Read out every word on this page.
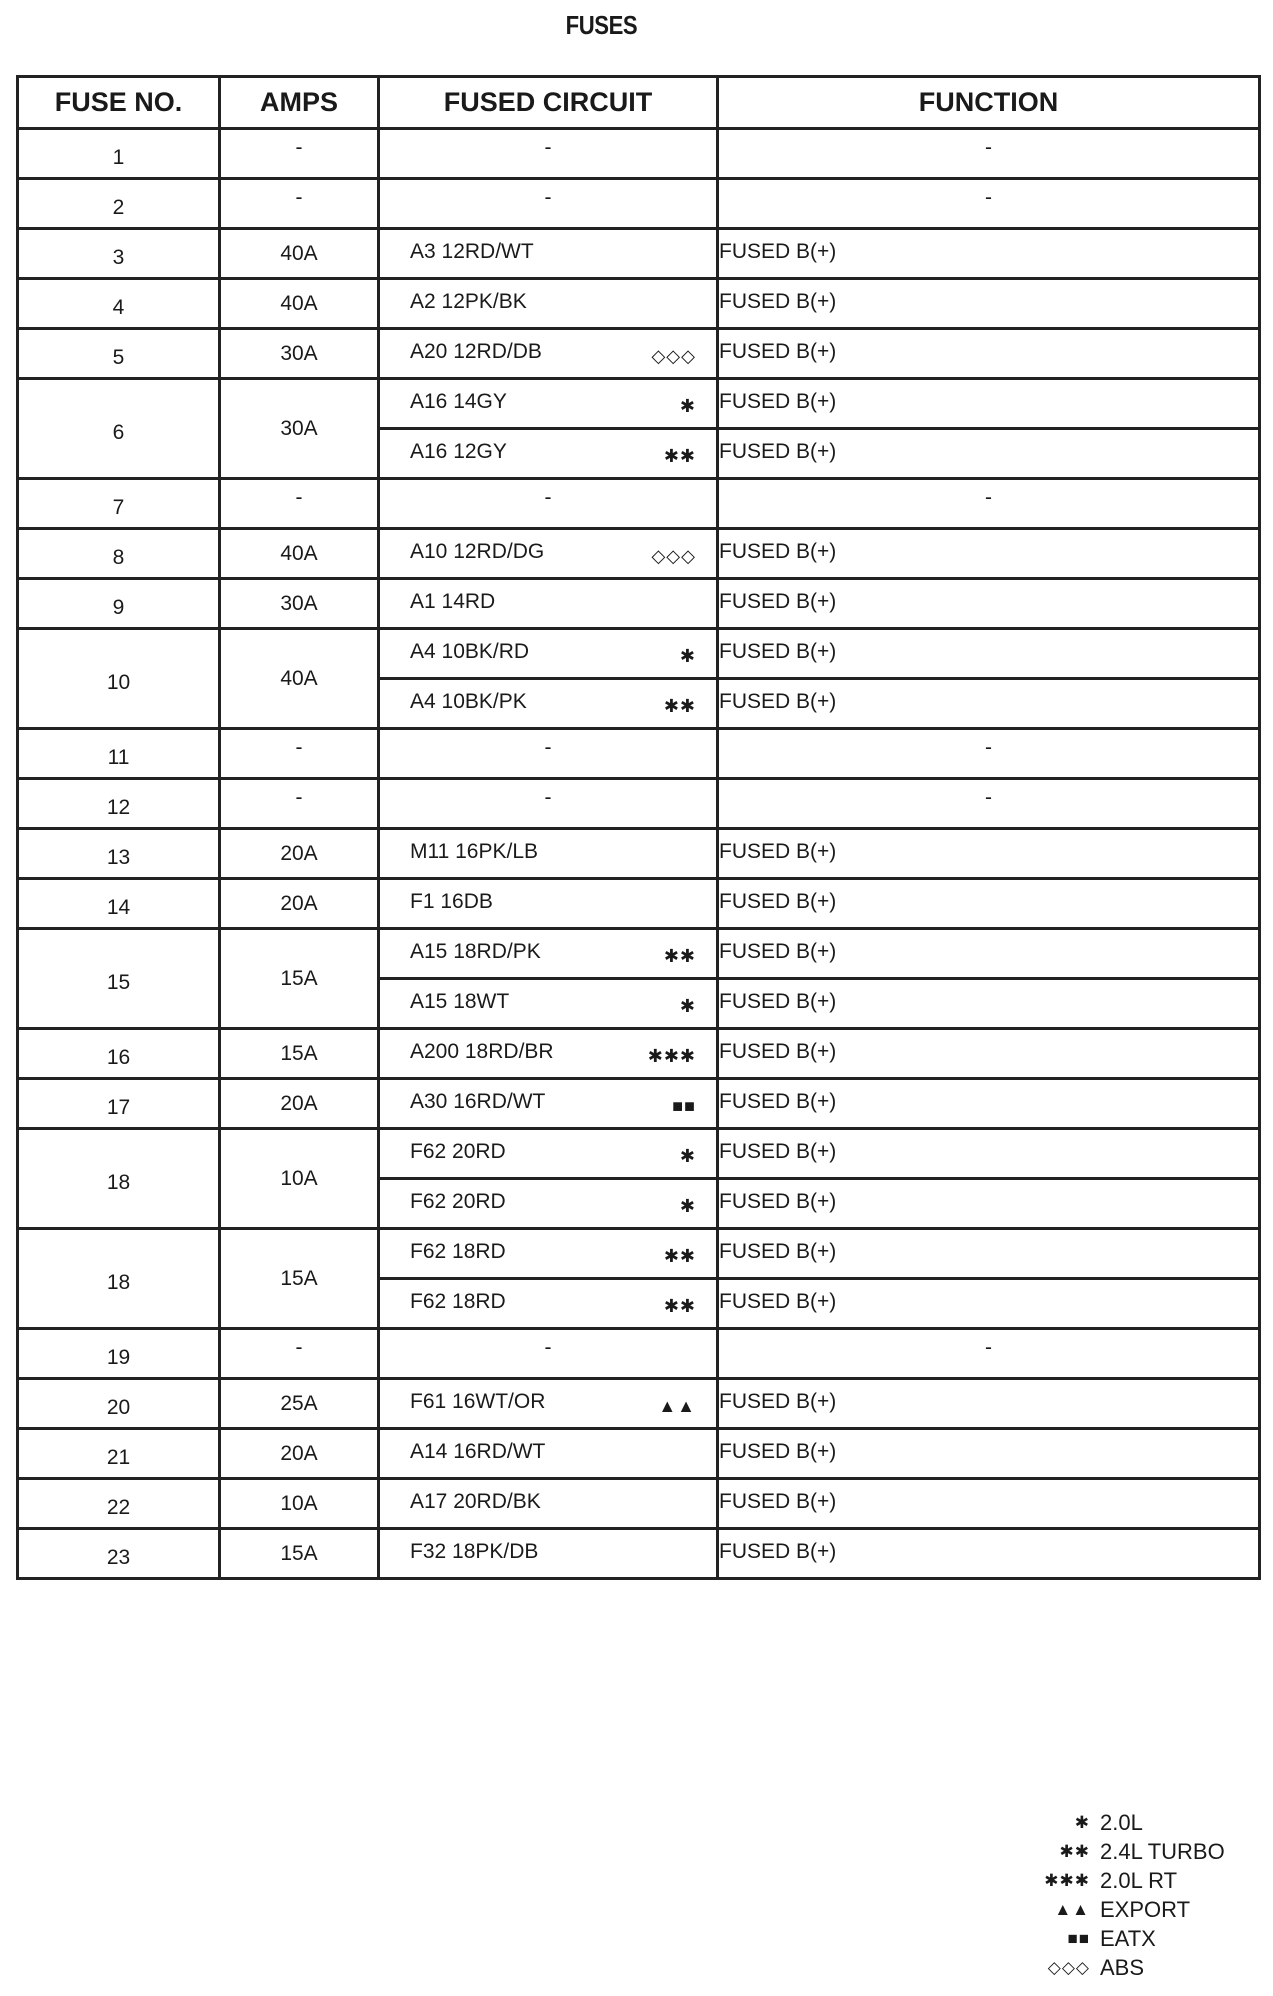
FUSES
FUSE NO.	AMPS	FUSED CIRCUIT	FUNCTION
1	-	-	-
2	-	-	-
3	40A	A3 12RD/WT	FUSED B(+)
4	40A	A2 12PK/BK	FUSED B(+)
5	30A	A20 12RD/DB ◇◇◇	FUSED B(+)
6	30A	A16 14GY ✱	FUSED B(+)

		A16 12GY ✱✱	FUSED B(+)
7	-	-	-
8	40A	A10 12RD/DG ◇◇◇	FUSED B(+)
9	30A	A1 14RD	FUSED B(+)
10	40A	A4 10BK/RD ✱	FUSED B(+)

		A4 10BK/PK ✱✱	FUSED B(+)
11	-	-	-
12	-	-	-
13	20A	M11 16PK/LB	FUSED B(+)
14	20A	F1 16DB	FUSED B(+)
15	15A	A15 18RD/PK ✱✱	FUSED B(+)

		A15 18WT ✱	FUSED B(+)
16	15A	A200 18RD/BR ✱✱✱	FUSED B(+)
17	20A	A30 16RD/WT ■■	FUSED B(+)
18	10A	F62 20RD ✱	FUSED B(+)

		F62 20RD ✱	FUSED B(+)
18	15A	F62 18RD ✱✱	FUSED B(+)

		F62 18RD ✱✱	FUSED B(+)
19	-	-	-
20	25A	F61 16WT/OR ▲▲	FUSED B(+)
21	20A	A14 16RD/WT	FUSED B(+)
22	10A	A17 20RD/BK	FUSED B(+)
23	15A	F32 18PK/DB	FUSED B(+)
✱ 2.0L
✱✱ 2.4L TURBO
✱✱✱ 2.0L RT
▲▲ EXPORT
■■ EATX
◇◇◇ ABS
